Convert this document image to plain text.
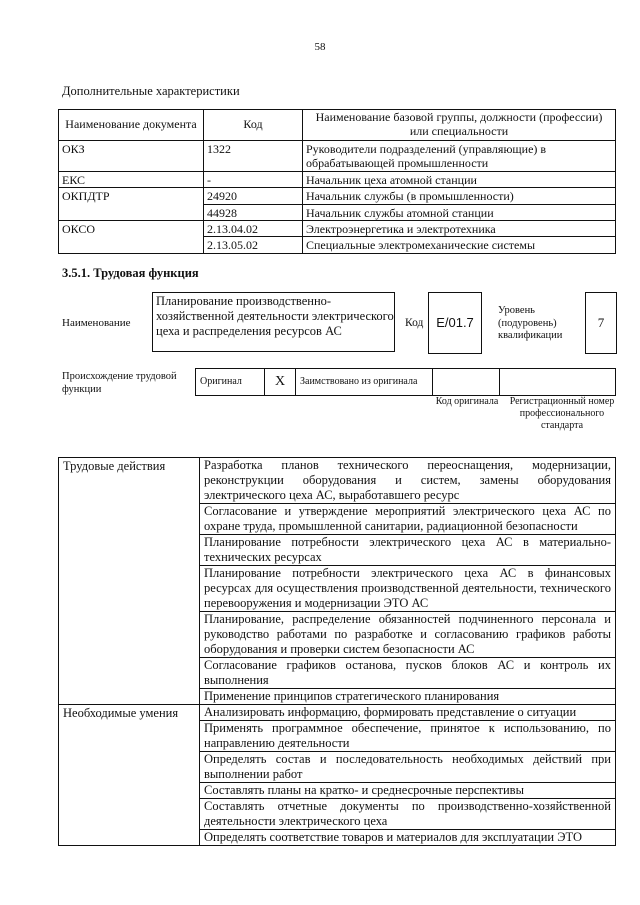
58
Дополнительные характеристики
Наименование документа	Код	Наименование базовой группы, должности (профессии) или специальности
ОКЗ	1322	Руководители подразделений (управляющие) в обрабатывающей промышленности
ЕКС	-	Начальник цеха атомной станции
ОКПДТР	24920	Начальник службы (в промышленности)
	44928	Начальник службы атомной станции
ОКСО	2.13.04.02	Электроэнергетика и электротехника
	2.13.05.02	Специальные электромеханические системы
3.5.1. Трудовая функция
Наименование
Планирование производственно-хозяйственной деятельности электрического цеха и распределения ресурсов АС
Код Е/01.7
Уровень (подуровень) квалификации
7
Происхождение трудовой функции
Оригинал	X	Заимствовано из оригинала		
Код оригинала	Регистрационный номер профессионального стандарта
Трудовые действия	Разработка планов технического переоснащения, модернизации, реконструкции оборудования и систем, замены оборудования электрического цеха АС, выработавшего ресурс
	Согласование и утверждение мероприятий электрического цеха АС по охране труда, промышленной санитарии, радиационной безопасности
	Планирование потребности электрического цеха АС в материально-технических ресурсах
	Планирование потребности электрического цеха АС в финансовых ресурсах для осуществления производственной деятельности, технического перевооружения и модернизации ЭТО АС
	Планирование, распределение обязанностей подчиненного персонала и руководство работами по разработке и согласованию графиков работы оборудования и проверки систем безопасности АС
	Согласование графиков останова, пусков блоков АС и контроль их выполнения
	Применение принципов стратегического планирования
Необходимые умения	Анализировать информацию, формировать представление о ситуации
	Применять программное обеспечение, принятое к использованию, по направлению деятельности
	Определять состав и последовательность необходимых действий при выполнении работ
	Составлять планы на кратко- и среднесрочные перспективы
	Составлять отчетные документы по производственно-хозяйственной деятельности электрического цеха
	Определять соответствие товаров и материалов для эксплуатации ЭТО
